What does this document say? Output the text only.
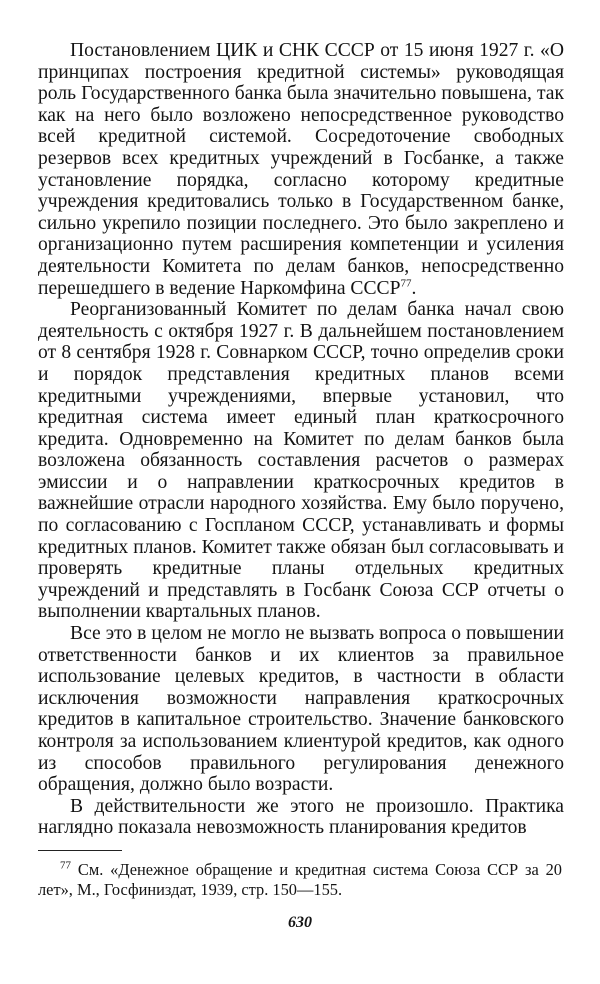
Постановлением ЦИК и СНК СССР от 15 июня 1927 г. «О принципах построения кредитной системы» руководящая роль Государственного банка была значительно повышена, так как на него было возложено непосредственное руководство всей кредитной системой. Сосредоточение свободных резервов всех кредитных учреждений в Госбанке, а также установление порядка, согласно которому кредитные учреждения кредитовались только в Государственном банке, сильно укрепило позиции последнего. Это было закреплено и организационно путем расширения компетенции и усиления деятельности Комитета по делам банков, непосредственно перешедшего в ведение Наркомфина СССР$^{77}$.

Реорганизованный Комитет по делам банка начал свою деятельность с октября 1927 г. В дальнейшем постановлением от 8 сентября 1928 г. Совнарком СССР, точно определив сроки и порядок представления кредитных планов всеми кредитными учреждениями, впервые установил, что кредитная система имеет единый план краткосрочного кредита. Одновременно на Комитет по делам банков была возложена обязанность составления расчетов о размерах эмиссии и о направлении краткосрочных кредитов в важнейшие отрасли народного хозяйства. Ему было поручено, по согласованию с Госпланом СССР, устанавливать и формы кредитных планов. Комитет также обязан был согласовывать и проверять кредитные планы отдельных кредитных учреждений и представлять в Госбанк Союза ССР отчеты о выполнении квартальных планов.

Все это в целом не могло не вызвать вопроса о повышении ответственности банков и их клиентов за правильное использование целевых кредитов, в частности в области исключения возможности направления краткосрочных кредитов в капитальное строительство. Значение банковского контроля за использованием клиентурой кредитов, как одного из способов правильного регулирования денежного обращения, должно было возрасти.

В действительности же этого не произошло. Практика наглядно показала невозможность планирования кредитов

$^{77}$ См. «Денежное обращение и кредитная система Союза ССР за 20 лет», М., Госфиниздат, 1939, стр. 150—155.

630
